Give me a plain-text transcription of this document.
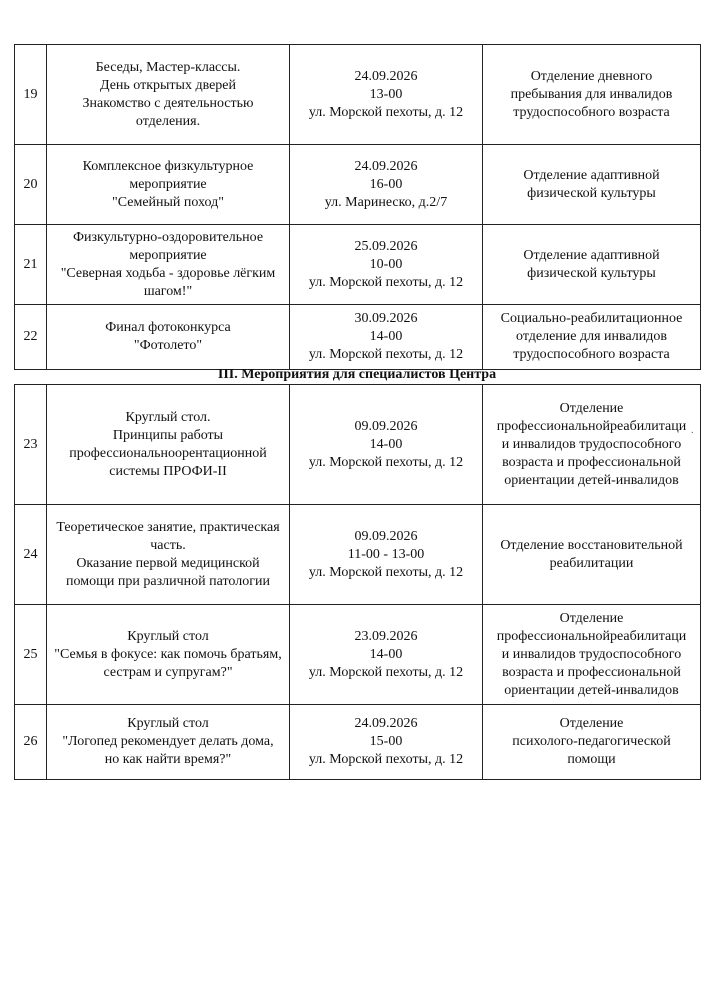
19	Беседы, Мастер-классы.
День открытых дверей
Знакомство с деятельностью
отделения.	24.09.2026
13-00
ул. Морской пехоты, д. 12	Отделение дневного
пребывания для инвалидов
трудоспособного возраста

20	Комплексное физкультурное
мероприятие
"Семейный поход"	24.09.2026
16-00
ул. Маринеско, д.2/7	Отделение адаптивной
физической культуры

21	Физкультурно-оздоровительное
мероприятие
"Северная ходьба - здоровье лёгким
шагом!"	25.09.2026
10-00
ул. Морской пехоты, д. 12	Отделение адаптивной
физической культуры

22	Финал фотоконкурса
"Фотолето"	30.09.2026
14-00
ул. Морской пехоты, д. 12	Социально-реабилитационное
отделение для инвалидов
трудоспособного возраста
III. Мероприятия для специалистов Центра
23	Круглый стол.
Принципы работы
профессиональноорентационной
системы ПРОФИ-II	09.09.2026
14-00
ул. Морской пехоты, д. 12	Отделение
профессиональнойреабилитаци
и инвалидов трудоспособного
возраста и профессиональной
ориентации детей-инвалидов

24	Теоретическое занятие, практическая
часть.
Оказание первой медицинской
помощи при различной патологии	09.09.2026
11-00 - 13-00
ул. Морской пехоты, д. 12	Отделение восстановительной
реабилитации

25	Круглый стол
"Семья в фокусе: как помочь братьям,
сестрам и супругам?"	23.09.2026
14-00
ул. Морской пехоты, д. 12	Отделение
профессиональнойреабилитаци
и инвалидов трудоспособного
возраста и профессиональной
ориентации детей-инвалидов

26	Круглый стол
"Логопед рекомендует делать дома,
но как найти время?"	24.09.2026
15-00
ул. Морской пехоты, д. 12	Отделение
психолого-педагогической
помощи
·
